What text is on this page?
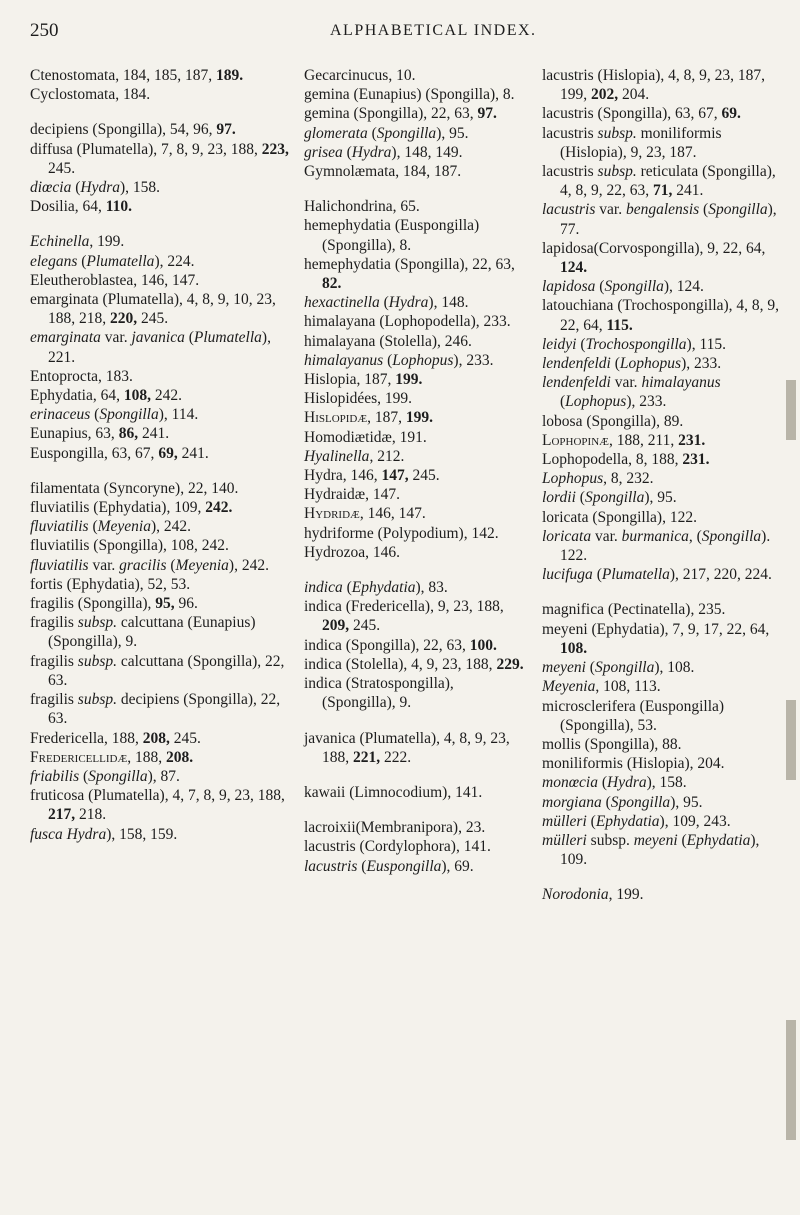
250	ALPHABETICAL INDEX.
Ctenostomata, 184, 185, 187, 189.
Cyclostomata, 184.
decipiens (Spongilla), 54, 96, 97.
diffusa (Plumatella), 7, 8, 9, 23, 188, 223, 245.
diœcia (Hydra), 158.
Dosilia, 64, 110.
Echinella, 199.
elegans (Plumatella), 224.
Eleutheroblastea, 146, 147.
emarginata (Plumatella), 4, 8, 9, 10, 23, 188, 218, 220, 245.
emarginata var. javanica (Plumatella), 221.
Entoprocta, 183.
Ephydatia, 64, 108, 242.
erinaceus (Spongilla), 114.
Eunapius, 63, 86, 241.
Euspongilla, 63, 67, 69, 241.
filamentata (Syncoryne), 22, 140.
fluviatilis (Ephydatia), 109, 242.
fluviatilis (Meyenia), 242.
fluviatilis (Spongilla), 108, 242.
fluviatilis var. gracilis (Meyenia), 242.
fortis (Ephydatia), 52, 53.
fragilis (Spongilla), 95, 96.
fragilis subsp. calcuttana (Eunapius)(Spongilla), 9.
fragilis subsp. calcuttana (Spongilla), 22, 63.
fragilis subsp. decipiens (Spongilla), 22, 63.
Fredericella, 188, 208, 245.
Fredericellidæ, 188, 208.
friabilis (Spongilla), 87.
fruticosa (Plumatella), 4, 7, 8, 9, 23, 188, 217, 218.
fusca Hydra), 158, 159.
Gecarcinucus, 10.
gemina (Eunapius) (Spongilla), 8.
gemina (Spongilla), 22, 63, 97.
glomerata (Spongilla), 95.
grisea (Hydra), 148, 149.
Gymnolæmata, 184, 187.
Halichondrina, 65.
hemephydatia (Euspongilla) (Spongilla), 8.
hemephydatia (Spongilla), 22, 63, 82.
hexactinella (Hydra), 148.
himalayana (Lophopodella), 233.
himalayana (Stolella), 246.
himalayanus (Lophopus), 233.
Hislopia, 187, 199.
Hislopidées, 199.
Hislopidæ, 187, 199.
Homodiætidæ, 191.
Hyalinella, 212.
Hydra, 146, 147, 245.
Hydraidæ, 147.
Hydridæ, 146, 147.
hydriforme (Polypodium), 142.
Hydrozoa, 146.
indica (Ephydatia), 83.
indica (Fredericella), 9, 23, 188, 209, 245.
indica (Spongilla), 22, 63, 100.
indica (Stolella), 4, 9, 23, 188, 229.
indica (Stratospongilla), (Spongilla), 9.
javanica (Plumatella), 4, 8, 9, 23, 188, 221, 222.
kawaii (Limnocodium), 141.
lacroixii(Membranipora), 23.
lacustris (Cordylophora), 141.
lacustris (Euspongilla), 69.
lacustris (Hislopia), 4, 8, 9, 23, 187, 199, 202, 204.
lacustris (Spongilla), 63, 67, 69.
lacustris subsp. moniliformis (Hislopia), 9, 23, 187.
lacustris subsp. reticulata (Spongilla), 4, 8, 9, 22, 63, 71, 241.
lacustris var. bengalensis (Spongilla), 77.
lapidosa(Corvospongilla), 9, 22, 64, 124.
lapidosa (Spongilla), 124.
latouchiana (Trochospongilla), 4, 8, 9, 22, 64, 115.
leidyi (Trochospongilla), 115.
lendenfeldi (Lophopus), 233.
lendenfeldi var. himalayanus (Lophopus), 233.
lobosa (Spongilla), 89.
Lophopinæ, 188, 211, 231.
Lophopodella, 8, 188, 231.
Lophopus, 8, 232.
lordii (Spongilla), 95.
loricata (Spongilla), 122.
loricata var. burmanica, (Spongilla). 122.
lucifuga (Plumatella), 217, 220, 224.
magnifica (Pectinatella), 235.
meyeni (Ephydatia), 7, 9, 17, 22, 64, 108.
meyeni (Spongilla), 108.
Meyenia, 108, 113.
microsclerifera (Euspongilla) (Spongilla), 53.
mollis (Spongilla), 88.
moniliformis (Hislopia), 204.
monœcia (Hydra), 158.
morgiana (Spongilla), 95.
mülleri (Ephydatia), 109, 243.
mülleri subsp. meyeni (Ephydatia), 109.
Norodonia, 199.
